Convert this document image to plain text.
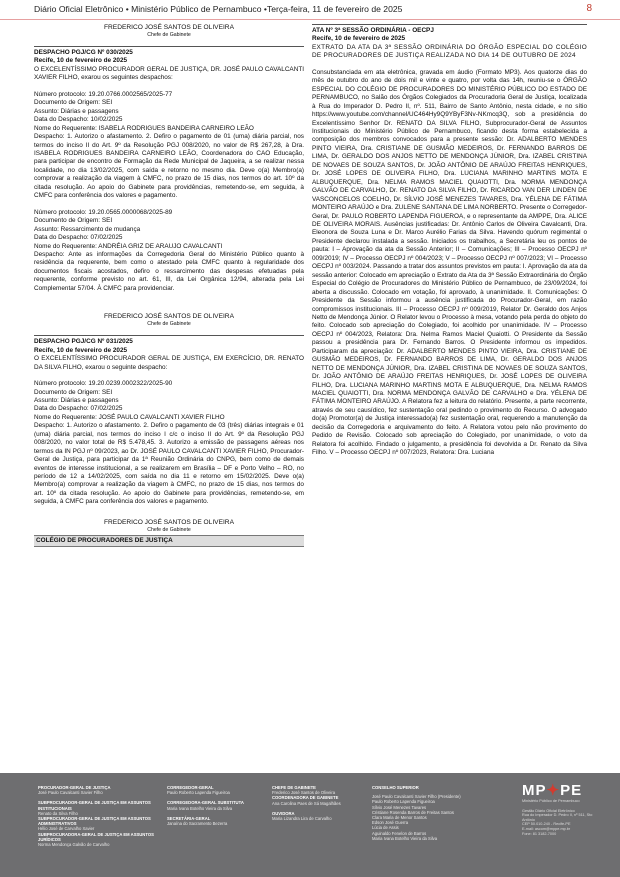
Diário Oficial Eletrônico • Ministério Público de Pernambuco •Terça-feira, 11 de fevereiro de 2025	8
FREDERICO JOSÉ SANTOS DE OLIVEIRA
Chefe de Gabinete

DESPACHO PGJ/CG Nº 030/2025

Recife, 10 de fevereiro de 2025

O EXCELENTÍSSIMO PROCURADOR GERAL DE JUSTIÇA, DR. JOSÉ PAULO CAVALCANTI XAVIER FILHO, exarou os seguintes despachos:

Número protocolo: 19.20.0766.0002565/2025-77

Documento de Origem: SEI

Assunto: Diárias e passagens

Data do Despacho: 10/02/2025

Nome do Requerente: ISABELA RODRIGUES BANDEIRA CARNEIRO LEÃO

Despacho: 1. Autorizo o afastamento. 2. Defiro o pagamento de 01 (uma) diária parcial, nos termos do inciso II do Art. 9º da Resolução PGJ 008/2020, no valor de R$ 267,28, à Dra. ISABELA RODRIGUES BANDEIRA CARNEIRO LEÃO, Coordenadora do CAO Educação, para participar de encontro de Formação da Rede Municipal de Jaqueira, a se realizar nessa localidade, no dia 13/02/2025, com saída e retorno no mesmo dia. Deve o(a) Membro(a) comprovar a realização da viagem à CMFC, no prazo de 15 dias, nos termos do art. 10º da citada resolução. Ao apoio do Gabinete para providências, remetendo-se, em seguida, à CMFC para conferência dos valores e pagamento.

Número protocolo: 19.20.0565.0000068/2025-89

Documento de Origem: SEI

Assunto: Ressarcimento de mudança

Data do Despacho: 07/02/2025

Nome do Requerente: ANDRÉIA GRIZ DE ARAUJO CAVALCANTI

Despacho: Ante as informações da Corregedoria Geral do Ministério Público quanto à residência da requerente, bem como o atestado pela CMFC quanto à regularidade dos documentos fiscais acostados, defiro o ressarcimento das despesas efetuadas pela requerente, conforme previsto no art. 61, III, da Lei Orgânica 12/94, alterada pela Lei Complementar 57/04. À CMFC para providenciar.

FREDERICO JOSÉ SANTOS DE OLIVEIRA
Chefe de Gabinete

DESPACHO PGJ/CG Nº 031/2025

Recife, 10 de fevereiro de 2025

O EXCELENTÍSSIMO PROCURADOR GERAL DE JUSTIÇA, EM EXERCÍCIO, DR. RENATO DA SILVA FILHO, exarou o seguinte despacho:

Número protocolo: 19.20.0239.0002322/2025-90

Documento de Origem: SEI

Assunto: Diárias e passagens

Data do Despacho: 07/02/2025

Nome do Requerente: JOSÉ PAULO CAVALCANTI XAVIER FILHO

Despacho: 1. Autorizo o afastamento. 2. Defiro o pagamento de 03 (três) diárias integrais e 01 (uma) diária parcial, nos termos do inciso I c/c o inciso II do Art. 9º da Resolução PGJ 008/2020, no valor total de R$ 5.478,45. 3. Autorizo a emissão de passagens aéreas nos termos da IN PGJ nº 09/2023, ao Dr. JOSÉ PAULO CAVALCANTI XAVIER FILHO, Procurador-Geral de Justiça, para participar da 1ª Reunião Ordinária do CNPG, bem como de demais eventos de interesse institucional, a se realizarem em Brasília – DF e Porto Velho – RO, no período de 12 a 14/02/2025, com saída no dia 11 e retorno em 15/02/2025. Deve o(a) Membro(a) comprovar a realização da viagem à CMFC, no prazo de 15 dias, nos termos do art. 10º da citada resolução. Ao apoio do Gabinete para providências, remetendo-se, em seguida, à CMFC para conferência dos valores e pagamento.

FREDERICO JOSÉ SANTOS DE OLIVEIRA
Chefe de Gabinete
COLÉGIO DE PROCURADORES DE JUSTIÇA

ATA Nº 3ª SESSÃO ORDINÁRIA - OECPJ

Recife, 10 de fevereiro de 2025

EXTRATO DA ATA DA 3ª SESSÃO ORDINÁRIA DO ÓRGÃO ESPECIAL DO COLÉGIO DE PROCURADORES DE JUSTIÇA REALIZADA NO DIA 14 DE OUTUBRO DE 2024

Consubstanciada em ata eletrônica, gravada em áudio (Formato MP3). Aos quatorze dias do mês de outubro do ano de dois mil e vinte e quatro, por volta das 14h, reuniu-se o ÓRGÃO ESPECIAL DO COLÉGIO DE PROCURADORES DO MINISTÉRIO PÚBLICO DO ESTADO DE PERNAMBUCO, no Salão dos Órgãos Colegiados da Procuradoria Geral de Justiça, localizada à Rua do Imperador D. Pedro II, nº. 511, Bairro de Santo Antônio, nesta cidade, e no sítio https://www.youtube.com/channel/UC464Hy9Q9YByF3Nv-NKmcq3Q, sob a presidência do Excelentíssimo Senhor Dr. RENATO DA SILVA FILHO, Subprocurador-Geral de Assuntos Institucionais do Ministério Público de Pernambuco, ficando desta forma estabelecida a composição dos membros convocados para a presente sessão: Dr. ADALBERTO MENDES PINTO VIEIRA, Dra. CRISTIANE DE GUSMÃO MEDEIROS, Dr. FERNANDO BARROS DE LIMA, Dr. GERALDO DOS ANJOS NETTO DE MENDONÇA JÚNIOR, Dra. IZABEL CRISTINA DE NOVAES DE SOUZA SANTOS, Dr. JOÃO ANTÔNIO DE ARAÚJO FREITAS HENRIQUES, Dr. JOSÉ LOPES DE OLIVEIRA FILHO, Dra. LUCIANA MARINHO MARTINS MOTA E ALBUQUERQUE, Dra. NELMA RAMOS MACIEL QUAIOTTI, Dra. NORMA MENDONÇA GALVÃO DE CARVALHO, Dr. RENATO DA SILVA FILHO, Dr. RICARDO VAN DER LINDEN DE VASCONCELOS COELHO, Dr. SÍLVIO JOSÉ MENEZES TAVARES, Dra. YÉLENA DE FÁTIMA MONTEIRO ARAÚJO e Dra. ZULENE SANTANA DE LIMA NORBERTO. Presente o Corregedor-Geral, Dr. PAULO ROBERTO LAPENDA FIGUEROA, e o representante da AMPPE, Dra. ALICE DE OLIVEIRA MORAIS. Ausências justificadas: Dr. Antônio Carlos de Oliveira Cavalcanti, Dra. Eleonora de Souza Luna e Dr. Marco Aurélio Farias da Silva. Havendo quórum regimental o Presidente declarou instalada a sessão. Iniciados os trabalhos, a Secretária leu os pontos de pauta: I – Aprovação da ata da Sessão Anterior; II – Comunicações; III – Processo OECPJ nº 009/2019; IV – Processo OECPJ nº 004/2023; V – Processo OECPJ nº 007/2023; VI – Processo OECPJ nº 003/2024. Passando a tratar dos assuntos previstos em pauta: I. Aprovação da ata da sessão anterior: Colocado em apreciação o Extrato da Ata da 3ª Sessão Extraordinária do Órgão Especial do Colégio de Procuradores do Ministério Público de Pernambuco, de 23/09/2024, foi aberta a discussão. Colocado em votação, foi aprovado, à unanimidade. II. Comunicações: O Presidente da Sessão informou a ausência justificada do Procurador-Geral, em razão compromissos institucionais. III – Processo OECPJ nº 009/2019, Relator Dr. Geraldo dos Anjos Netto de Mendonça Júnior. O Relator levou o Processo à mesa, votando pela perda do objeto do feito. Colocado sob apreciação do Colegiado, foi acolhido por unanimidade. IV – Processo OECPJ nº 004/2023, Relatora: Dra. Nelma Ramos Maciel Quaiotti. O Presidente da Sessão passou a presidência para Dr. Fernando Barros. O Presidente informou os impedidos. Participaram da apreciação: Dr. ADALBERTO MENDES PINTO VIEIRA, Dra. CRISTIANE DE GUSMÃO MEDEIROS, Dr. FERNANDO BARROS DE LIMA, Dr. GERALDO DOS ANJOS NETTO DE MENDONÇA JÚNIOR, Dra. IZABEL CRISTINA DE NOVAES DE SOUZA SANTOS, Dr. JOÃO ANTÔNIO DE ARAÚJO FREITAS HENRIQUES, Dr. JOSÉ LOPES DE OLIVEIRA FILHO, Dra. LUCIANA MARINHO MARTINS MOTA E ALBUQUERQUE, Dra. NELMA RAMOS MACIEL QUAIOTTI, Dra. NORMA MENDONÇA GALVÃO DE CARVALHO e Dra. YÉLENA DE FÁTIMA MONTEIRO ARAÚJO. A Relatora fez a leitura do relatório. Presente, a parte recorrente, através de seu causídico, fez sustentação oral pedindo o provimento do Recurso. O advogado do(a) Promotor(a) de Justiça interessado(a) fez sustentação oral, requerendo a manutenção da decisão da Corregedoria e arquivamento do feito. A Relatora votou pelo não provimento do Pedido de Revisão. Colocado sob apreciação do Colegiado, por unanimidade, o voto da Relatora foi acolhido. Findado o julgamento, a presidência foi devolvida a Dr. Renato da Silva Filho. V – Processo OECPJ nº 007/2023, Relatora: Dra. Luciana

PROCURADOR-GERAL DE JUSTIÇA

José Paulo Cavalcanti Xavier Filho

SUBPROCURADOR-GERAL DE JUSTIÇA EM ASSUNTOS INSTITUCIONAIS

Renato da Silva Filho

SUBPROCURADOR-GERAL DE JUSTIÇA EM ASSUNTOS ADMINISTRATIVOS

Hélio José de Carvalho Xavier

SUBPROCURADORA-GERAL DE JUSTIÇA EM ASSUNTOS JURÍDICOS

Norma Mendonça Galvão de Carvalho

CORREGEDOR-GERAL

Paulo Roberto Lapenda Figueiroa

CORREGEDORA-GERAL SUBSTITUTA

Maria Ivana Botelho Vieira da Silva

SECRETÁRIA-GERAL

Janaína do Sacramento Bezerra

CHEFE DE GABINETE

Frederico José Santos de Oliveira

COORDENADORA DE GABINETE

Ana Carolina Paes de Sá Magalhães

OUVIDORA

Maria Lizandra Lira de Carvalho

CONSELHO SUPERIOR

José Paulo Cavalcanti Xavier Filho (Presidente)

Paulo Roberto Lapenda Figueiroa

Sílvio José Menezes Tavares

Cristiane Rosenda Barros de Freitas Santos

Clara Maria de Menor Santos

Edson José Guerra

Lúcia de Assis

Aguinaldo Fenelon de Barros

Maria Ivana Botelho Vieira da Silva

MP✦PE
Ministério Público de Pernambuco

Gestão Diário Oficial Eletrônico

Rua do Imperador D. Pedro II, nº 511, Sto Antônio

CEP 50.010-240 - Recife-PE

E-mail: ascom@mppe.mp.br

Fone: 81 3182-7000
